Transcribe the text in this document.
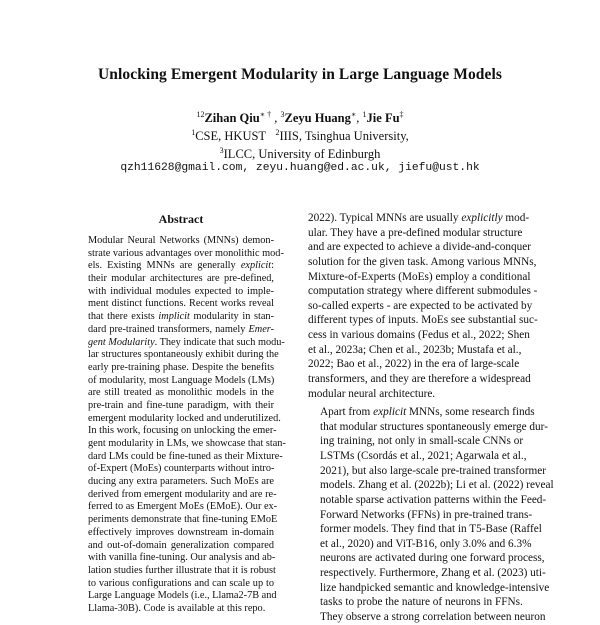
Unlocking Emergent Modularity in Large Language Models
$^{12}$Zihan Qiu∗ † , $^3$Zeyu Huang∗, $^1$Jie Fu‡
$^1$CSE, HKUST $^2$IIIS, Tsinghua University,
$^3$ILCC, University of Edinburgh
qzh11628@gmail.com, zeyu.huang@ed.ac.uk, jiefu@ust.hk
Abstract
Modular Neural Networks (MNNs) demon-
strate various advantages over monolithic mod-
els. Existing MNNs are generally explicit:
their modular architectures are pre-defined,
with individual modules expected to imple-
ment distinct functions. Recent works reveal
that there exists implicit modularity in stan-
dard pre-trained transformers, namely Emer-
gent Modularity. They indicate that such modu-
lar structures spontaneously exhibit during the
early pre-training phase. Despite the benefits
of modularity, most Language Models (LMs)
are still treated as monolithic models in the
pre-train and fine-tune paradigm, with their
emergent modularity locked and underutilized.
In this work, focusing on unlocking the emer-
gent modularity in LMs, we showcase that stan-
dard LMs could be fine-tuned as their Mixture-
of-Expert (MoEs) counterparts without intro-
ducing any extra parameters. Such MoEs are
derived from emergent modularity and are re-
ferred to as Emergent MoEs (EMoE). Our ex-
periments demonstrate that fine-tuning EMoE
effectively improves downstream in-domain
and out-of-domain generalization compared
with vanilla fine-tuning. Our analysis and ab-
lation studies further illustrate that it is robust
to various configurations and can scale up to
Large Language Models (i.e., Llama2-7B and
Llama-30B). Code is available at this repo.

2022). Typical MNNs are usually explicitly mod-
ular. They have a pre-defined modular structure
and are expected to achieve a divide-and-conquer
solution for the given task. Among various MNNs,
Mixture-of-Experts (MoEs) employ a conditional
computation strategy where different submodules -
so-called experts - are expected to be activated by
different types of inputs. MoEs see substantial suc-
cess in various domains (Fedus et al., 2022; Shen
et al., 2023a; Chen et al., 2023b; Mustafa et al.,
2022; Bao et al., 2022) in the era of large-scale
transformers, and they are therefore a widespread
modular neural architecture.

Apart from explicit MNNs, some research finds
that modular structures spontaneously emerge dur-
ing training, not only in small-scale CNNs or
LSTMs (Csordás et al., 2021; Agarwala et al.,
2021), but also large-scale pre-trained transformer
models. Zhang et al. (2022b); Li et al. (2022) reveal
notable sparse activation patterns within the Feed-
Forward Networks (FFNs) in pre-trained trans-
former models. They find that in T5-Base (Raffel
et al., 2020) and ViT-B16, only 3.0% and 6.3%
neurons are activated during one forward process,
respectively. Furthermore, Zhang et al. (2023) uti-
lize handpicked semantic and knowledge-intensive
tasks to probe the nature of neurons in FFNs.
They observe a strong correlation between neuron
